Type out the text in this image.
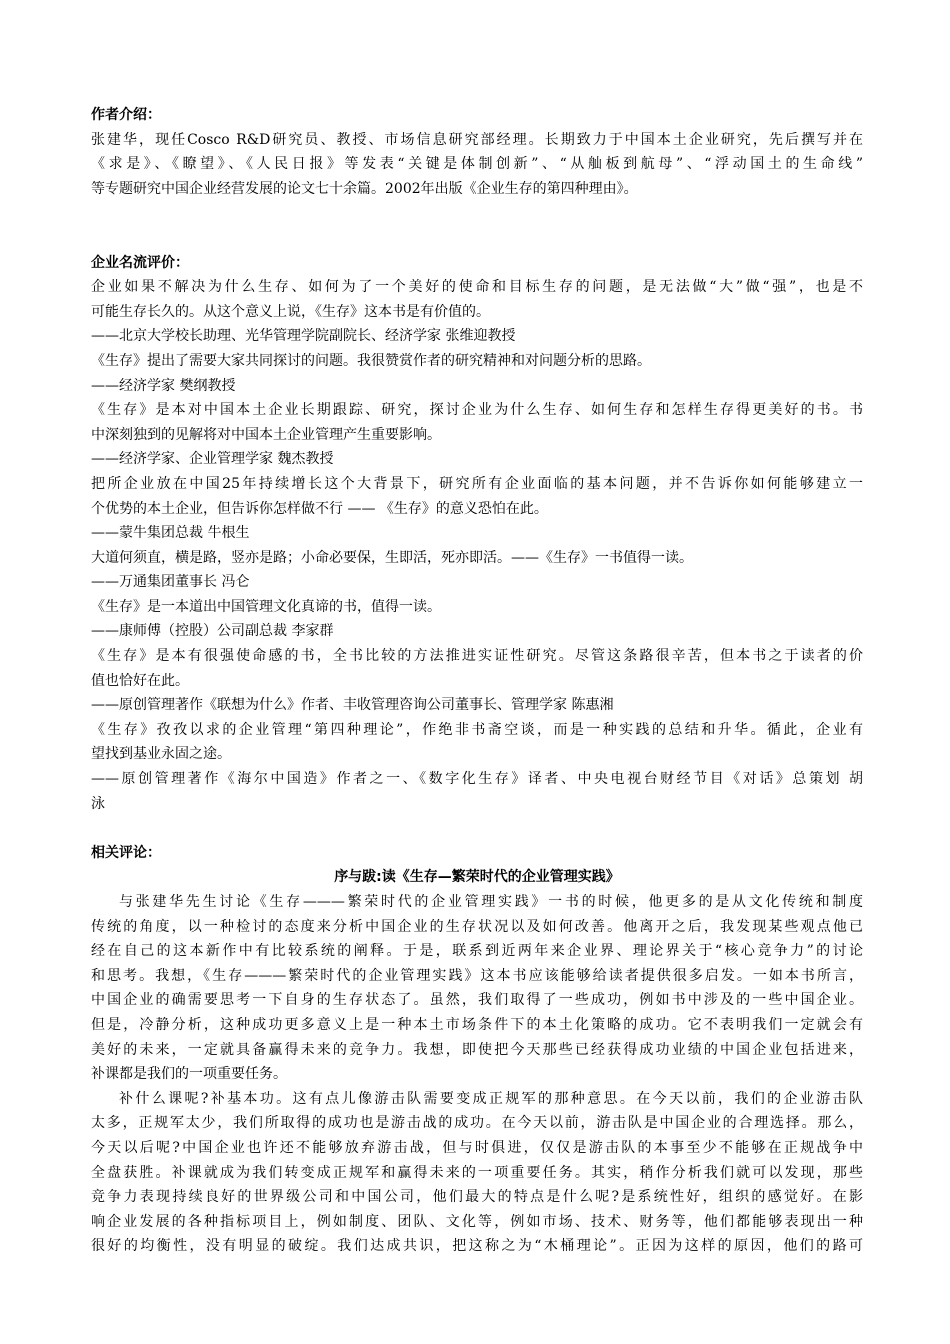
作者介绍：
张建华，现任Cosco R&D研究员、教授、市场信息研究部经理。长期致力于中国本土企业研究，先后撰写并在
《求是》、《瞭望》、《人民日报》等发表“关键是体制创新”、“从舢板到航母”、“浮动国土的生命线”
等专题研究中国企业经营发展的论文七十余篇。2002年出版《企业生存的第四种理由》。
企业名流评价：
企业如果不解决为什么生存、如何为了一个美好的使命和目标生存的问题，是无法做“大”做“强”，也是不
可能生存长久的。从这个意义上说，《生存》这本书是有价值的。
——北京大学校长助理、光华管理学院副院长、经济学家 张维迎教授
《生存》提出了需要大家共同探讨的问题。我很赞赏作者的研究精神和对问题分析的思路。
——经济学家 樊纲教授
《生存》是本对中国本土企业长期跟踪、研究，探讨企业为什么生存、如何生存和怎样生存得更美好的书。书
中深刻独到的见解将对中国本土企业管理产生重要影响。
——经济学家、企业管理学家 魏杰教授
把所企业放在中国25年持续增长这个大背景下，研究所有企业面临的基本问题，并不告诉你如何能够建立一
个优势的本土企业，但告诉你怎样做不行 —— 《生存》的意义恐怕在此。
——蒙牛集团总裁 牛根生
大道何须直，横是路，竖亦是路；小命必要保，生即活，死亦即活。——《生存》一书值得一读。
——万通集团董事长 冯仑
《生存》是一本道出中国管理文化真谛的书，值得一读。
——康师傅（控股）公司副总裁 李家群
《生存》是本有很强使命感的书，全书比较的方法推进实证性研究。尽管这条路很辛苦，但本书之于读者的价
值也恰好在此。
——原创管理著作《联想为什么》作者、丰收管理咨询公司董事长、管理学家 陈惠湘
《生存》孜孜以求的企业管理“第四种理论”，作绝非书斋空谈，而是一种实践的总结和升华。循此，企业有
望找到基业永固之途。
——原创管理著作《海尔中国造》作者之一、《数字化生存》译者、中央电视台财经节目《对话》总策划 胡
泳
相关评论：
序与跋:读《生存—繁荣时代的企业管理实践》
与张建华先生讨论《生存———繁荣时代的企业管理实践》一书的时候，他更多的是从文化传统和制度
传统的角度，以一种检讨的态度来分析中国企业的生存状况以及如何改善。他离开之后，我发现某些观点他已
经在自己的这本新作中有比较系统的阐释。于是，联系到近两年来企业界、理论界关于“核心竞争力”的讨论
和思考。我想，《生存———繁荣时代的企业管理实践》这本书应该能够给读者提供很多启发。一如本书所言，
中国企业的确需要思考一下自身的生存状态了。虽然，我们取得了一些成功，例如书中涉及的一些中国企业。
但是，冷静分析，这种成功更多意义上是一种本土市场条件下的本土化策略的成功。它不表明我们一定就会有
美好的未来，一定就具备赢得未来的竞争力。我想，即使把今天那些已经获得成功业绩的中国企业包括进来，
补课都是我们的一项重要任务。
补什么课呢?补基本功。这有点儿像游击队需要变成正规军的那种意思。在今天以前，我们的企业游击队
太多，正规军太少，我们所取得的成功也是游击战的成功。在今天以前，游击队是中国企业的合理选择。那么，
今天以后呢?中国企业也许还不能够放弃游击战，但与时俱进，仅仅是游击队的本事至少不能够在正规战争中
全盘获胜。补课就成为我们转变成正规军和赢得未来的一项重要任务。其实，稍作分析我们就可以发现，那些
竞争力表现持续良好的世界级公司和中国公司，他们最大的特点是什么呢?是系统性好，组织的感觉好。在影
响企业发展的各种指标项目上，例如制度、团队、文化等，例如市场、技术、财务等，他们都能够表现出一种
很好的均衡性，没有明显的破绽。我们达成共识，把这称之为“木桶理论”。正因为这样的原因，他们的路可
